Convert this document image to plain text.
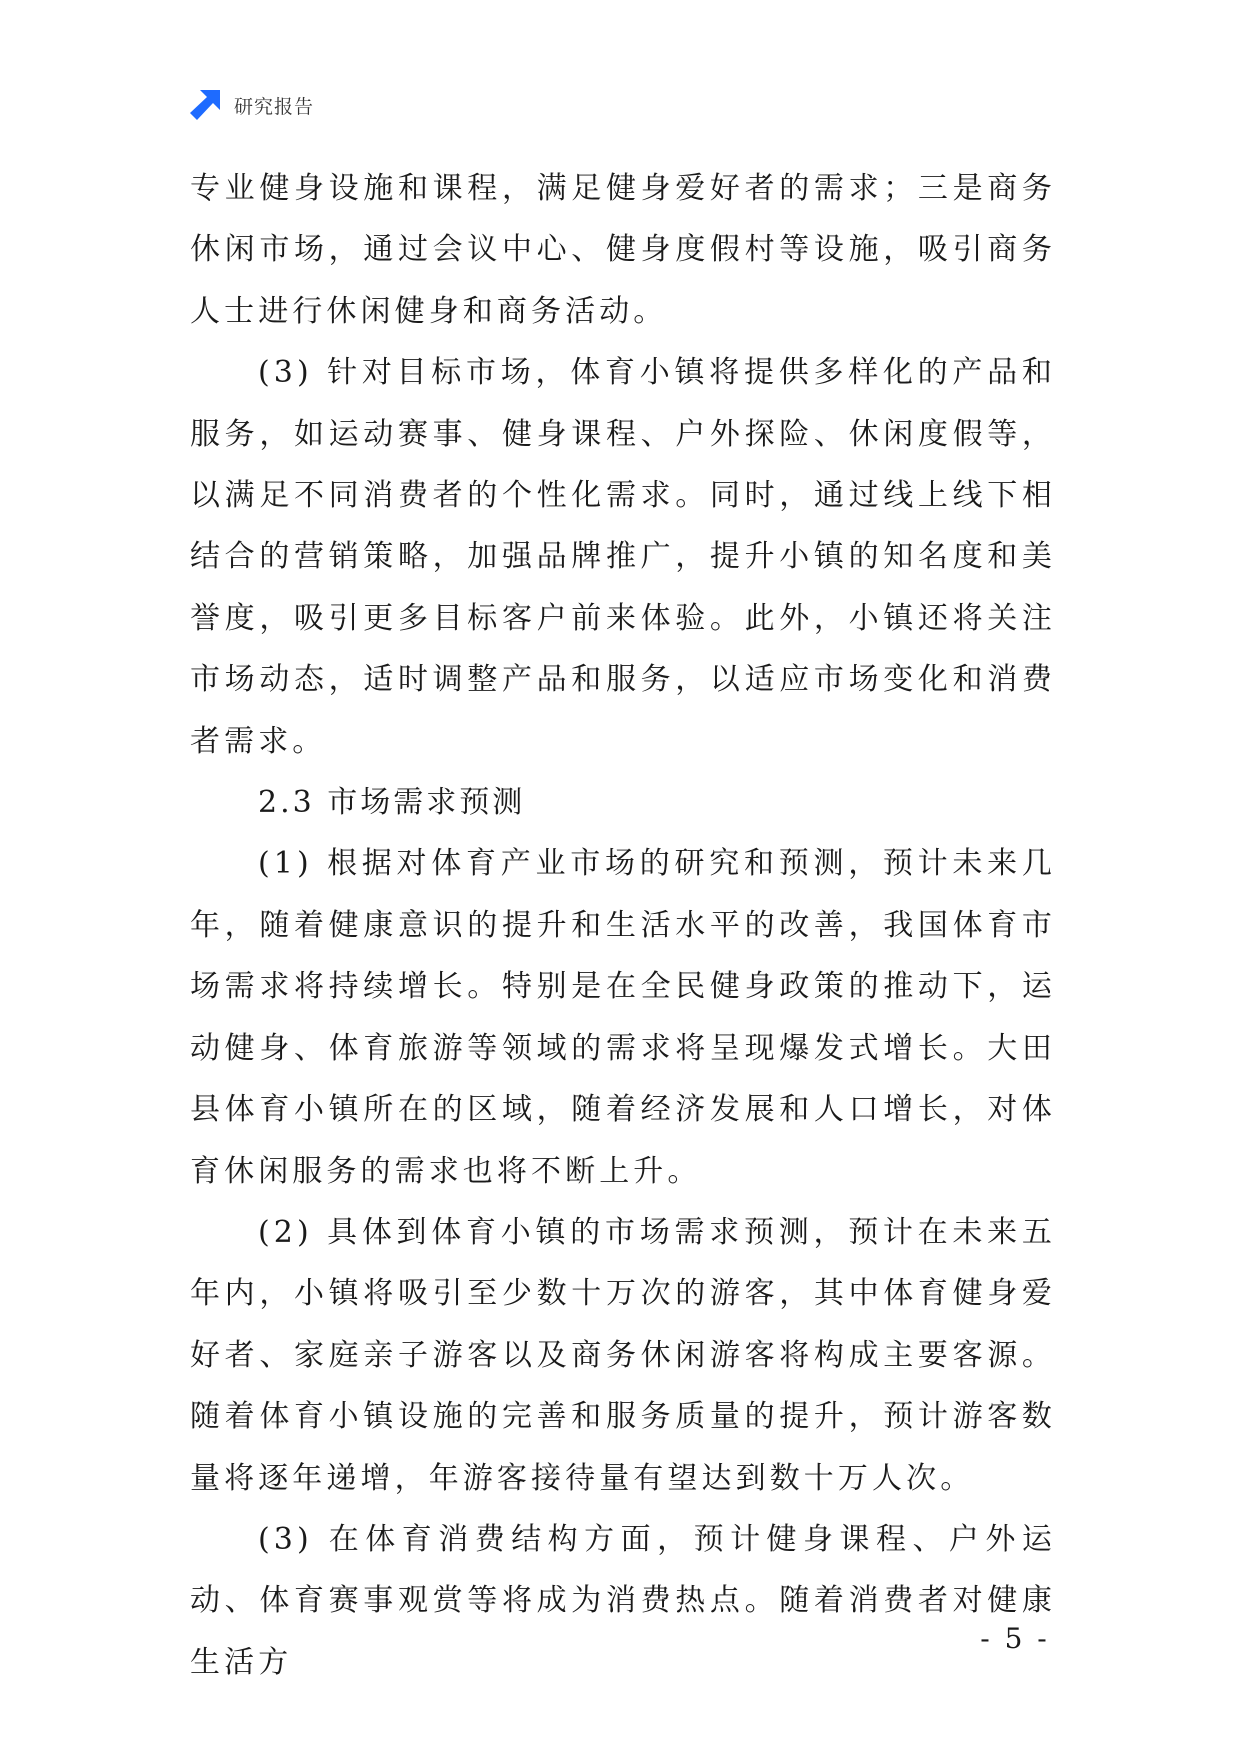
研究报告

专业健身设施和课程，满足健身爱好者的需求；三是商务休闲市场，通过会议中心、健身度假村等设施，吸引商务人士进行休闲健身和商务活动。

(3) 针对目标市场，体育小镇将提供多样化的产品和服务，如运动赛事、健身课程、户外探险、休闲度假等，以满足不同消费者的个性化需求。同时，通过线上线下相结合的营销策略，加强品牌推广，提升小镇的知名度和美誉度，吸引更多目标客户前来体验。此外，小镇还将关注市场动态，适时调整产品和服务，以适应市场变化和消费者需求。

2.3 市场需求预测

(1) 根据对体育产业市场的研究和预测，预计未来几年，随着健康意识的提升和生活水平的改善，我国体育市场需求将持续增长。特别是在全民健身政策的推动下，运动健身、体育旅游等领域的需求将呈现爆发式增长。大田县体育小镇所在的区域，随着经济发展和人口增长，对体育休闲服务的需求也将不断上升。

(2) 具体到体育小镇的市场需求预测，预计在未来五年内，小镇将吸引至少数十万次的游客，其中体育健身爱好者、家庭亲子游客以及商务休闲游客将构成主要客源。随着体育小镇设施的完善和服务质量的提升，预计游客数量将逐年递增，年游客接待量有望达到数十万人次。

(3) 在体育消费结构方面，预计健身课程、户外运动、体育赛事观赏等将成为消费热点。随着消费者对健康生活方

- 5 -
